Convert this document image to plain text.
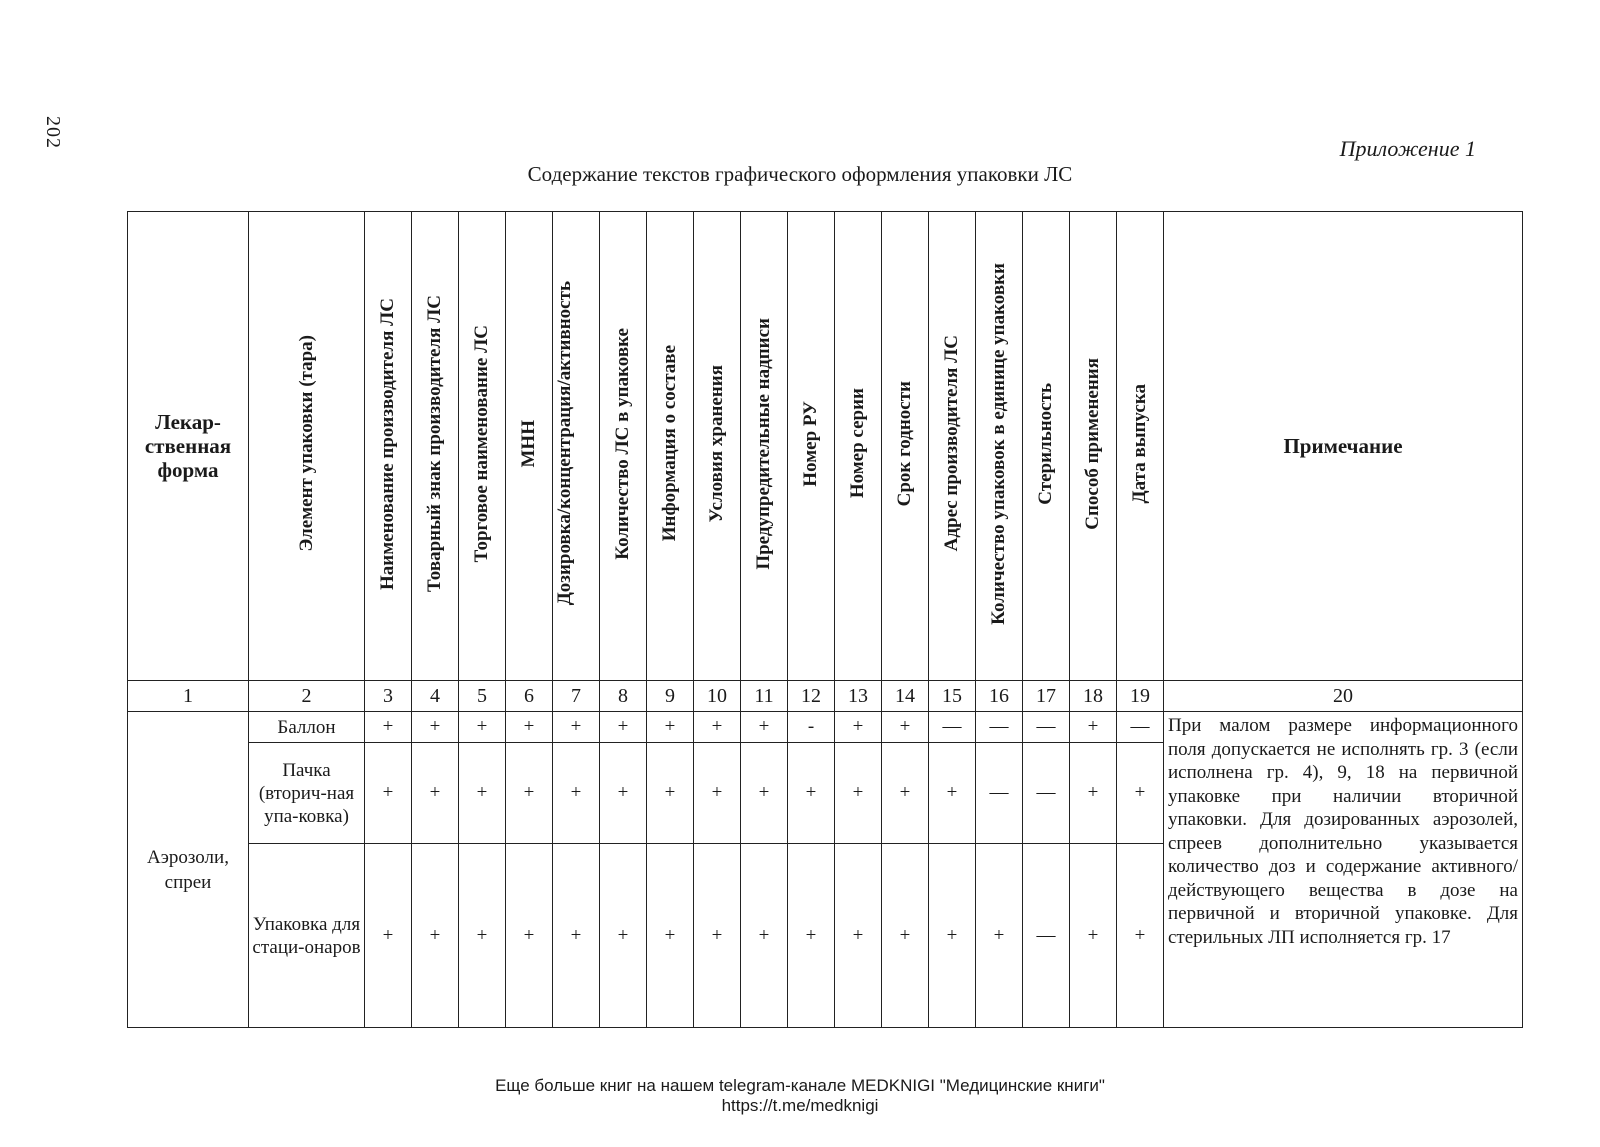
202	Приложение 1
Содержание текстов графического оформления упаковки ЛС
Лекар-ственная форма	Элемент упаковки (тара)	Наименование производителя ЛС	Товарный знак производителя ЛС	Торговое наименование ЛС	МНН	Дозировка/концентрация/активность	Количество ЛС в упаковке	Информация о составе	Условия хранения	Предупредительные надписи	Номер РУ	Номер серии	Срок годности	Адрес производителя ЛС	Количество упаковок в единице упаковки	Стерильность	Способ применения	Дата выпуска	Примечание
1	2	3	4	5	6	7	8	9	10	11	12	13	14	15	16	17	18	19	20
Аэрозоли, спреи	Баллон	+	+	+	+	+	+	+	+	+	-	+	+	—	—	—	+	—	При малом размере информационного поля допускается не исполнять гр. 3 (если исполнена гр. 4), 9, 18 на первичной упаковке при наличии вторичной упаковки. Для дозированных аэрозолей, спреев дополнительно указывается количество доз и содержание активного/действующего вещества в дозе на первичной и вторичной упаковке. Для стерильных ЛП исполняется гр. 17
	Пачка (вторич-ная упа-ковка)	+	+	+	+	+	+	+	+	+	+	+	+	+	—	—	+	+	
	Упаковка для стаци-онаров	+	+	+	+	+	+	+	+	+	+	+	+	+	+	—	+	+	
Еще больше книг на нашем telegram-канале MEDKNIGI "Медицинские книги"
https://t.me/medknigi
